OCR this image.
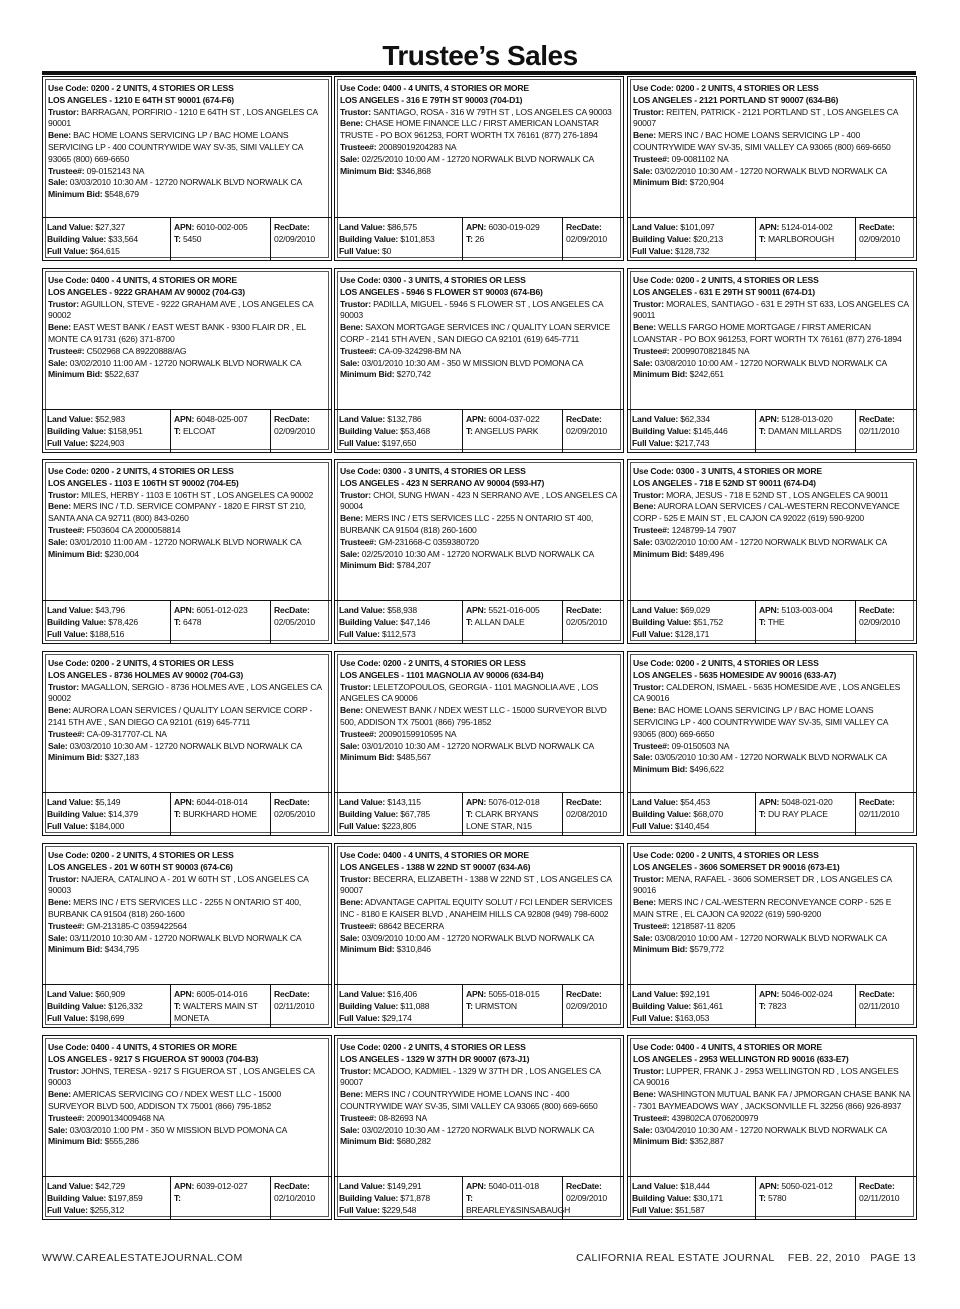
Trustee’s Sales
Use Code: 0200 - 2 UNITS, 4 STORIES OR LESS
LOS ANGELES - 1210 E 64TH ST 90001 (674-F6)
Trustor: BARRAGAN, PORFIRIO - 1210 E 64TH ST , LOS ANGELES CA 90001
Bene: BAC HOME LOANS SERVICING LP / BAC HOME LOANS SERVICING LP - 400 COUNTRYWIDE WAY SV-35, SIMI VALLEY CA 93065 (800) 669-6650
Trustee#: 09-0152143 NA
Sale: 03/03/2010 10:30 AM - 12720 NORWALK BLVD NORWALK CA
Minimum Bid: $548,679
Land Value: $27,327
Building Value: $33,564
Full Value: $64,615
APN: 6010-002-005
T: 5450
RecDate:
02/09/2010
Use Code: 0400 - 4 UNITS, 4 STORIES OR MORE
LOS ANGELES - 316 E 79TH ST 90003 (704-D1)
Trustor: SANTIAGO, ROSA - 316 W 79TH ST , LOS ANGELES CA 90003
Bene: CHASE HOME FINANCE LLC / FIRST AMERICAN LOANSTAR TRUSTE - PO BOX 961253, FORT WORTH TX 76161 (877) 276-1894
Trustee#: 20089019204283 NA
Sale: 02/25/2010 10:00 AM - 12720 NORWALK BLVD NORWALK CA
Minimum Bid: $346,868
Land Value: $86,575
Building Value: $101,853
Full Value: $0
APN: 6030-019-029
T: 26
RecDate:
02/09/2010
Use Code: 0200 - 2 UNITS, 4 STORIES OR LESS
LOS ANGELES - 2121 PORTLAND ST 90007 (634-B6)
Trustor: REITEN, PATRICK - 2121 PORTLAND ST , LOS ANGELES CA 90007
Bene: MERS INC / BAC HOME LOANS SERVICING LP - 400 COUNTRYWIDE WAY SV-35, SIMI VALLEY CA 93065 (800) 669-6650
Trustee#: 09-0081102 NA
Sale: 03/02/2010 10:30 AM - 12720 NORWALK BLVD NORWALK CA
Minimum Bid: $720,904
Land Value: $101,097
Building Value: $20,213
Full Value: $128,732
APN: 5124-014-002
T: MARLBOROUGH
RecDate:
02/09/2010
Use Code: 0400 - 4 UNITS, 4 STORIES OR MORE
LOS ANGELES - 9222 GRAHAM AV 90002 (704-G3)
Trustor: AGUILLON, STEVE - 9222 GRAHAM AVE , LOS ANGELES CA 90002
Bene: EAST WEST BANK / EAST WEST BANK - 9300 FLAIR DR , EL MONTE CA 91731 (626) 371-8700
Trustee#: C502968 CA 89220888/AG
Sale: 03/02/2010 11:00 AM - 12720 NORWALK BLVD NORWALK CA
Minimum Bid: $522,637
Land Value: $52,983
Building Value: $158,951
Full Value: $224,903
APN: 6048-025-007
T: ELCOAT
RecDate:
02/09/2010
Use Code: 0300 - 3 UNITS, 4 STORIES OR LESS
LOS ANGELES - 5946 S FLOWER ST 90003 (674-B6)
Trustor: PADILLA, MIGUEL - 5946 S FLOWER ST , LOS ANGELES CA 90003
Bene: SAXON MORTGAGE SERVICES INC / QUALITY LOAN SERVICE CORP - 2141 5TH AVEN , SAN DIEGO CA 92101 (619) 645-7711
Trustee#: CA-09-324298-BM NA
Sale: 03/01/2010 10:30 AM - 350 W MISSION BLVD POMONA CA
Minimum Bid: $270,742
Land Value: $132,786
Building Value: $53,468
Full Value: $197,650
APN: 6004-037-022
T: ANGELUS PARK
RecDate:
02/09/2010
Use Code: 0200 - 2 UNITS, 4 STORIES OR LESS
LOS ANGELES - 631 E 29TH ST 90011 (674-D1)
Trustor: MORALES, SANTIAGO - 631 E 29TH ST 633, LOS ANGELES CA 90011
Bene: WELLS FARGO HOME MORTGAGE / FIRST AMERICAN LOANSTAR - PO BOX 961253, FORT WORTH TX 76161 (877) 276-1894
Trustee#: 20099070821845 NA
Sale: 03/08/2010 10:00 AM - 12720 NORWALK BLVD NORWALK CA
Minimum Bid: $242,651
Land Value: $62,334
Building Value: $145,446
Full Value: $217,743
APN: 5128-013-020
T: DAMAN MILLARDS
RecDate:
02/11/2010
Use Code: 0200 - 2 UNITS, 4 STORIES OR LESS
LOS ANGELES - 1103 E 106TH ST 90002 (704-E5)
Trustor: MILES, HERBY - 1103 E 106TH ST , LOS ANGELES CA 90002
Bene: MERS INC / T.D. SERVICE COMPANY - 1820 E FIRST ST 210, SANTA ANA CA 92711 (800) 843-0260
Trustee#: F503604 CA 2000058814
Sale: 03/01/2010 11:00 AM - 12720 NORWALK BLVD NORWALK CA
Minimum Bid: $230,004
Land Value: $43,796
Building Value: $78,426
Full Value: $188,516
APN: 6051-012-023
T: 6478
RecDate:
02/05/2010
Use Code: 0300 - 3 UNITS, 4 STORIES OR LESS
LOS ANGELES - 423 N SERRANO AV 90004 (593-H7)
Trustor: CHOI, SUNG HWAN - 423 N SERRANO AVE , LOS ANGELES CA 90004
Bene: MERS INC / ETS SERVICES LLC - 2255 N ONTARIO ST 400, BURBANK CA 91504 (818) 260-1600
Trustee#: GM-231668-C 0359380720
Sale: 02/25/2010 10:30 AM - 12720 NORWALK BLVD NORWALK CA
Minimum Bid: $784,207
Land Value: $58,938
Building Value: $47,146
Full Value: $112,573
APN: 5521-016-005
T: ALLAN DALE
RecDate:
02/05/2010
Use Code: 0300 - 3 UNITS, 4 STORIES OR MORE
LOS ANGELES - 718 E 52ND ST 90011 (674-D4)
Trustor: MORA, JESUS - 718 E 52ND ST , LOS ANGELES CA 90011
Bene: AURORA LOAN SERVICES / CAL-WESTERN RECONVEYANCE CORP - 525 E MAIN ST , EL CAJON CA 92022 (619) 590-9200
Trustee#: 1248799-14 7907
Sale: 03/02/2010 10:00 AM - 12720 NORWALK BLVD NORWALK CA
Minimum Bid: $489,496
Land Value: $69,029
Building Value: $51,752
Full Value: $128,171
APN: 5103-003-004
T: THE
RecDate:
02/09/2010
Use Code: 0200 - 2 UNITS, 4 STORIES OR LESS
LOS ANGELES - 8736 HOLMES AV 90002 (704-G3)
Trustor: MAGALLON, SERGIO - 8736 HOLMES AVE , LOS ANGELES CA 90002
Bene: AURORA LOAN SERVICES / QUALITY LOAN SERVICE CORP - 2141 5TH AVE , SAN DIEGO CA 92101 (619) 645-7711
Trustee#: CA-09-317707-CL NA
Sale: 03/03/2010 10:30 AM - 12720 NORWALK BLVD NORWALK CA
Minimum Bid: $327,183
Land Value: $5,149
Building Value: $14,379
Full Value: $184,000
APN: 6044-018-014
T: BURKHARD HOME
RecDate:
02/05/2010
Use Code: 0200 - 2 UNITS, 4 STORIES OR LESS
LOS ANGELES - 1101 MAGNOLIA AV 90006 (634-B4)
Trustor: LELETZOPOULOS, GEORGIA - 1101 MAGNOLIA AVE , LOS ANGELES CA 90006
Bene: ONEWEST BANK / NDEX WEST LLC - 15000 SURVEYOR BLVD 500, ADDISON TX 75001 (866) 795-1852
Trustee#: 20090159910595 NA
Sale: 03/01/2010 10:30 AM - 12720 NORWALK BLVD NORWALK CA
Minimum Bid: $485,567
Land Value: $143,115
Building Value: $67,785
Full Value: $223,805
APN: 5076-012-018
T: CLARK BRYANS LONE STAR, N15
RecDate:
02/08/2010
Use Code: 0200 - 2 UNITS, 4 STORIES OR LESS
LOS ANGELES - 5635 HOMESIDE AV 90016 (633-A7)
Trustor: CALDERON, ISMAEL - 5635 HOMESIDE AVE , LOS ANGELES CA 90016
Bene: BAC HOME LOANS SERVICING LP / BAC HOME LOANS SERVICING LP - 400 COUNTRYWIDE WAY SV-35, SIMI VALLEY CA 93065 (800) 669-6650
Trustee#: 09-0150503 NA
Sale: 03/05/2010 10:30 AM - 12720 NORWALK BLVD NORWALK CA
Minimum Bid: $496,622
Land Value: $54,453
Building Value: $68,070
Full Value: $140,454
APN: 5048-021-020
T: DU RAY PLACE
RecDate:
02/11/2010
Use Code: 0200 - 2 UNITS, 4 STORIES OR LESS
LOS ANGELES - 201 W 60TH ST 90003 (674-C6)
Trustor: NAJERA, CATALINO A - 201 W 60TH ST , LOS ANGELES CA 90003
Bene: MERS INC / ETS SERVICES LLC - 2255 N ONTARIO ST 400, BURBANK CA 91504 (818) 260-1600
Trustee#: GM-213185-C 0359422564
Sale: 03/11/2010 10:30 AM - 12720 NORWALK BLVD NORWALK CA
Minimum Bid: $434,795
Land Value: $60,909
Building Value: $126,332
Full Value: $198,699
APN: 6005-014-016
T: WALTERS MAIN ST MONETA
RecDate:
02/11/2010
Use Code: 0400 - 4 UNITS, 4 STORIES OR MORE
LOS ANGELES - 1388 W 22ND ST 90007 (634-A6)
Trustor: BECERRA, ELIZABETH - 1388 W 22ND ST , LOS ANGELES CA 90007
Bene: ADVANTAGE CAPITAL EQUITY SOLUT / FCI LENDER SERVICES INC - 8180 E KAISER BLVD , ANAHEIM HILLS CA 92808 (949) 798-6002
Trustee#: 68642 BECERRA
Sale: 03/09/2010 10:00 AM - 12720 NORWALK BLVD NORWALK CA
Minimum Bid: $310,846
Land Value: $16,406
Building Value: $11,088
Full Value: $29,174
APN: 5055-018-015
T: URMSTON
RecDate:
02/09/2010
Use Code: 0200 - 2 UNITS, 4 STORIES OR LESS
LOS ANGELES - 3606 SOMERSET DR 90016 (673-E1)
Trustor: MENA, RAFAEL - 3606 SOMERSET DR , LOS ANGELES CA 90016
Bene: MERS INC / CAL-WESTERN RECONVEYANCE CORP - 525 E MAIN STRE , EL CAJON CA 92022 (619) 590-9200
Trustee#: 1218587-11 8205
Sale: 03/08/2010 10:00 AM - 12720 NORWALK BLVD NORWALK CA
Minimum Bid: $579,772
Land Value: $92,191
Building Value: $61,461
Full Value: $163,053
APN: 5046-002-024
T: 7823
RecDate:
02/11/2010
Use Code: 0400 - 4 UNITS, 4 STORIES OR MORE
LOS ANGELES - 9217 S FIGUEROA ST 90003 (704-B3)
Trustor: JOHNS, TERESA - 9217 S FIGUEROA ST , LOS ANGELES CA 90003
Bene: AMERICAS SERVICING CO / NDEX WEST LLC - 15000 SURVEYOR BLVD 500, ADDISON TX 75001 (866) 795-1852
Trustee#: 20090134009468 NA
Sale: 03/03/2010 1:00 PM - 350 W MISSION BLVD POMONA CA
Minimum Bid: $555,286
Land Value: $42,729
Building Value: $197,859
Full Value: $255,312
APN: 6039-012-027
T:
RecDate:
02/10/2010
Use Code: 0200 - 2 UNITS, 4 STORIES OR LESS
LOS ANGELES - 1329 W 37TH DR 90007 (673-J1)
Trustor: MCADOO, KADMIEL - 1329 W 37TH DR , LOS ANGELES CA 90007
Bene: MERS INC / COUNTRYWIDE HOME LOANS INC - 400 COUNTRYWIDE WAY SV-35, SIMI VALLEY CA 93065 (800) 669-6650
Trustee#: 08-82693 NA
Sale: 03/02/2010 10:30 AM - 12720 NORWALK BLVD NORWALK CA
Minimum Bid: $680,282
Land Value: $149,291
Building Value: $71,878
Full Value: $229,548
APN: 5040-011-018
T: BREARLEY&SINSABAUGH
RecDate:
02/09/2010
Use Code: 0400 - 4 UNITS, 4 STORIES OR MORE
LOS ANGELES - 2953 WELLINGTON RD 90016 (633-E7)
Trustor: LUPPER, FRANK J - 2953 WELLINGTON RD , LOS ANGELES CA 90016
Bene: WASHINGTON MUTUAL BANK FA / JPMORGAN CHASE BANK NA - 7301 BAYMEADOWS WAY , JACKSONVILLE FL 32256 (866) 926-8937
Trustee#: 439802CA 0706200979
Sale: 03/04/2010 10:30 AM - 12720 NORWALK BLVD NORWALK CA
Minimum Bid: $352,887
Land Value: $18,444
Building Value: $30,171
Full Value: $51,587
APN: 5050-021-012
T: 5780
RecDate:
02/11/2010
WWW.CAREALESTATEJOURNAL.COM	CALIFORNIA REAL ESTATE JOURNAL FEB. 22, 2010 PAGE 13
